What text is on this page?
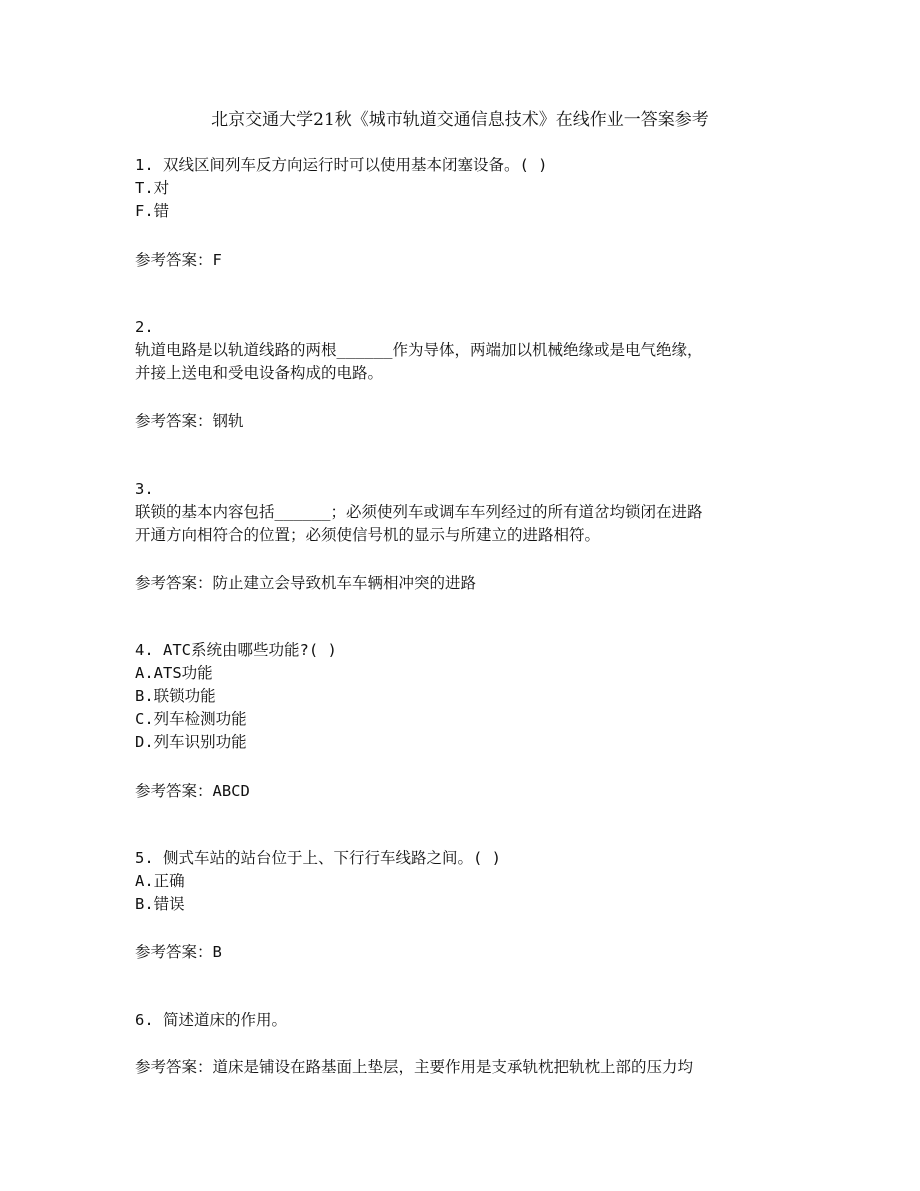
北京交通大学21秋《城市轨道交通信息技术》在线作业一答案参考
1. 双线区间列车反方向运行时可以使用基本闭塞设备。( )
T.对
F.错
参考答案：F
2.
轨道电路是以轨道线路的两根______作为导体，两端加以机械绝缘或是电气绝缘，
并接上送电和受电设备构成的电路。
参考答案：钢轨
3.
联锁的基本内容包括______；必须使列车或调车车列经过的所有道岔均锁闭在进路
开通方向相符合的位置；必须使信号机的显示与所建立的进路相符。
参考答案：防止建立会导致机车车辆相冲突的进路
4. ATC系统由哪些功能?( )
A.ATS功能
B.联锁功能
C.列车检测功能
D.列车识别功能
参考答案：ABCD
5. 侧式车站的站台位于上、下行行车线路之间。( )
A.正确
B.错误
参考答案：B
6. 简述道床的作用。
参考答案：道床是铺设在路基面上垫层，主要作用是支承轨枕把轨枕上部的压力均
